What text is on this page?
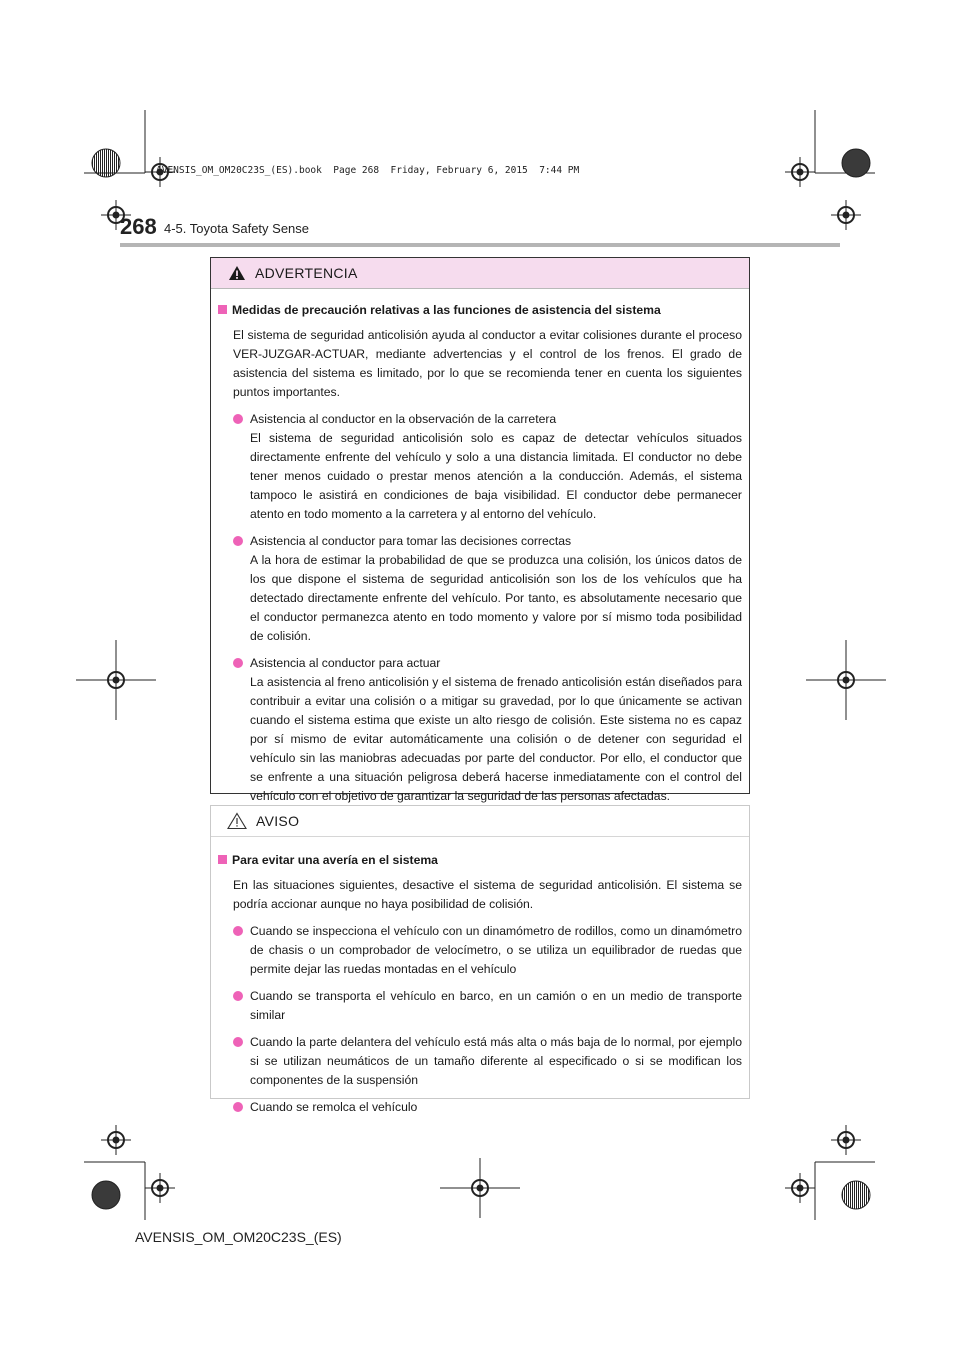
AVENSIS_OM_OM20C23S_(ES).book  Page 268  Friday, February 6, 2015  7:44 PM
268 4-5. Toyota Safety Sense
ADVERTENCIA
Medidas de precaución relativas a las funciones de asistencia del sistema
El sistema de seguridad anticolisión ayuda al conductor a evitar colisiones durante el proceso VER-JUZGAR-ACTUAR, mediante advertencias y el control de los frenos. El grado de asistencia del sistema es limitado, por lo que se recomienda tener en cuenta los siguientes puntos importantes.
Asistencia al conductor en la observación de la carretera
El sistema de seguridad anticolisión solo es capaz de detectar vehículos situados directamente enfrente del vehículo y solo a una distancia limitada. El conductor no debe tener menos cuidado o prestar menos atención a la conducción. Además, el sistema tampoco le asistirá en condiciones de baja visibilidad. El conductor debe permanecer atento en todo momento a la carretera y al entorno del vehículo.
Asistencia al conductor para tomar las decisiones correctas
A la hora de estimar la probabilidad de que se produzca una colisión, los únicos datos de los que dispone el sistema de seguridad anticolisión son los de los vehículos que ha detectado directamente enfrente del vehículo. Por tanto, es absolutamente necesario que el conductor permanezca atento en todo momento y valore por sí mismo toda posibilidad de colisión.
Asistencia al conductor para actuar
La asistencia al freno anticolisión y el sistema de frenado anticolisión están diseñados para contribuir a evitar una colisión o a mitigar su gravedad, por lo que únicamente se activan cuando el sistema estima que existe un alto riesgo de colisión. Este sistema no es capaz por sí mismo de evitar automáticamente una colisión o de detener con seguridad el vehículo sin las maniobras adecuadas por parte del conductor. Por ello, el conductor que se enfrente a una situación peligrosa deberá hacerse inmediatamente con el control del vehículo con el objetivo de garantizar la seguridad de las personas afectadas.
AVISO
Para evitar una avería en el sistema
En las situaciones siguientes, desactive el sistema de seguridad anticolisión. El sistema se podría accionar aunque no haya posibilidad de colisión.
Cuando se inspecciona el vehículo con un dinamómetro de rodillos, como un dinamómetro de chasis o un comprobador de velocímetro, o se utiliza un equilibrador de ruedas que permite dejar las ruedas montadas en el vehículo
Cuando se transporta el vehículo en barco, en un camión o en un medio de transporte similar
Cuando la parte delantera del vehículo está más alta o más baja de lo normal, por ejemplo si se utilizan neumáticos de un tamaño diferente al especificado o si se modifican los componentes de la suspensión
Cuando se remolca el vehículo
AVENSIS_OM_OM20C23S_(ES)
